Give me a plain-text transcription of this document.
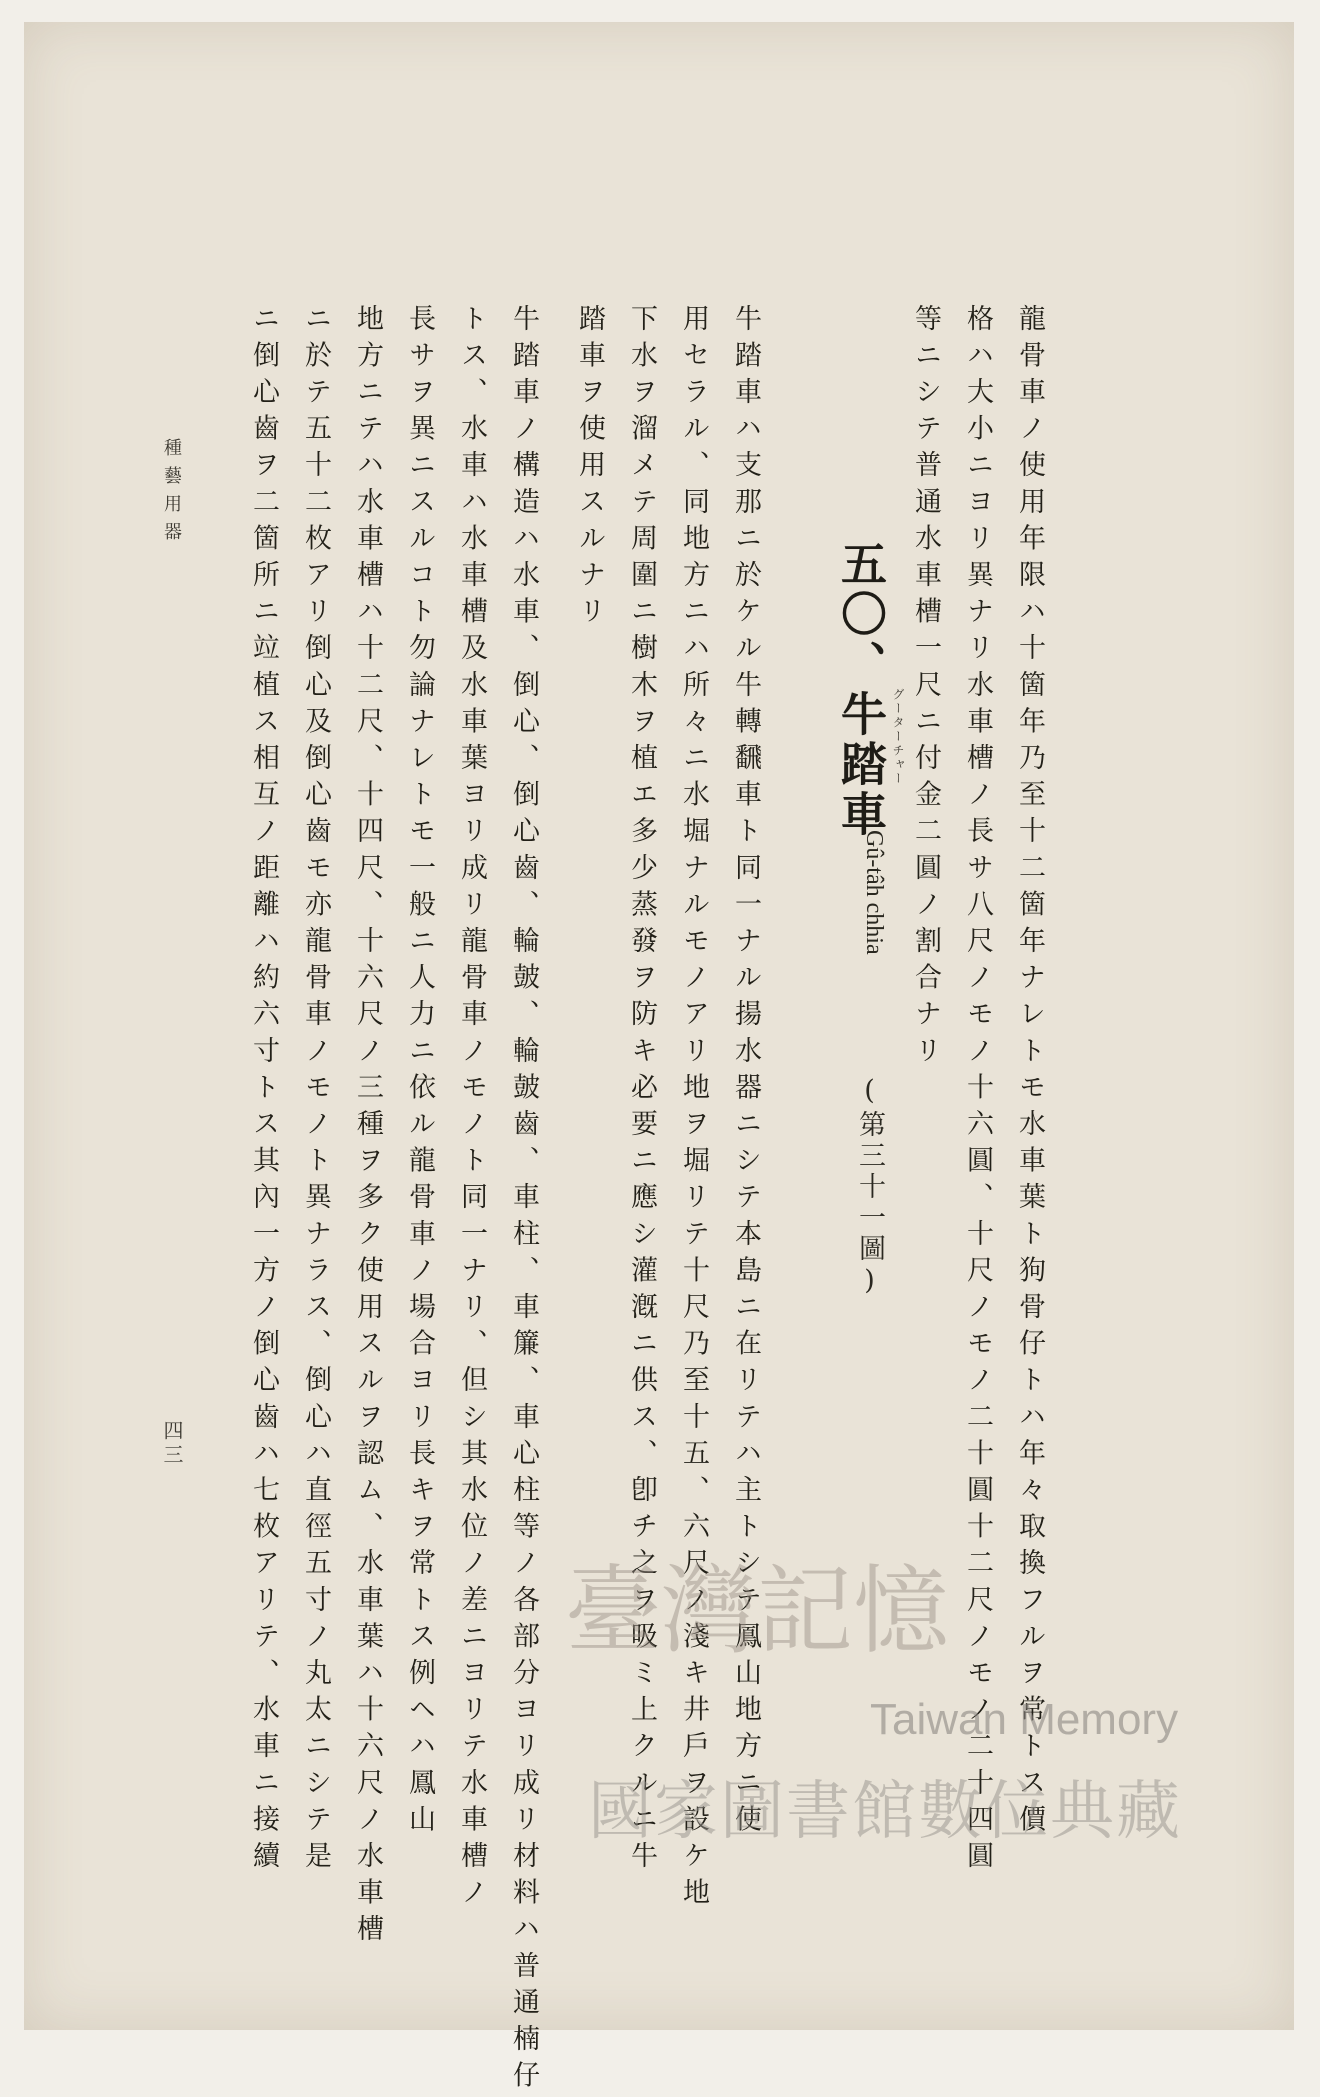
龍骨車ノ使用年限ハ十箇年乃至十二箇年ナレトモ水車葉ト狗骨仔トハ年々取換フルヲ常トス價
格ハ大小ニヨリ異ナリ水車槽ノ長サ八尺ノモノ十六圓、十尺ノモノ二十圓十二尺ノモノ二十四圓
等ニシテ普通水車槽一尺ニ付金二圓ノ割合ナリ
五〇、牛踏車 グーターチャー
Gû-tâh chhia
(第三十一圖)
牛踏車ハ支那ニ於ケル牛轉飜車ト同一ナル揚水器ニシテ本島ニ在リテハ主トシテ鳳山地方ニ使
用セラル、同地方ニハ所々ニ水堀ナルモノアリ地ヲ堀リテ十尺乃至十五、六尺ノ淺キ井戶ヲ設ケ地
下水ヲ溜メテ周圍ニ樹木ヲ植エ多少蒸發ヲ防キ必要ニ應シ灌漑ニ供ス、卽チ之ヲ吸ミ上クルニ牛
踏車ヲ使用スルナリ
牛踏車ノ構造ハ水車、倒心、倒心齒、輪皷、輪皷齒、車柱、車簾、車心柱等ノ各部分ヨリ成リ材料ハ普通楠仔
トス、水車ハ水車槽及水車葉ヨリ成リ龍骨車ノモノト同一ナリ、但シ其水位ノ差ニヨリテ水車槽ノ
長サヲ異ニスルコト勿論ナレトモ一般ニ人力ニ依ル龍骨車ノ場合ヨリ長キヲ常トス例ヘハ鳳山
地方ニテハ水車槽ハ十二尺、十四尺、十六尺ノ三種ヲ多ク使用スルヲ認ム、水車葉ハ十六尺ノ水車槽
ニ於テ五十二枚アリ倒心及倒心齒モ亦龍骨車ノモノト異ナラス、倒心ハ直徑五寸ノ丸太ニシテ是
ニ倒心齒ヲ二箇所ニ竝植ス相互ノ距離ハ約六寸トス其內一方ノ倒心齒ハ七枚アリテ、水車ニ接續
種藝用器
四三
臺灣記憶
Taiwan Memory
國家圖書館數位典藏
